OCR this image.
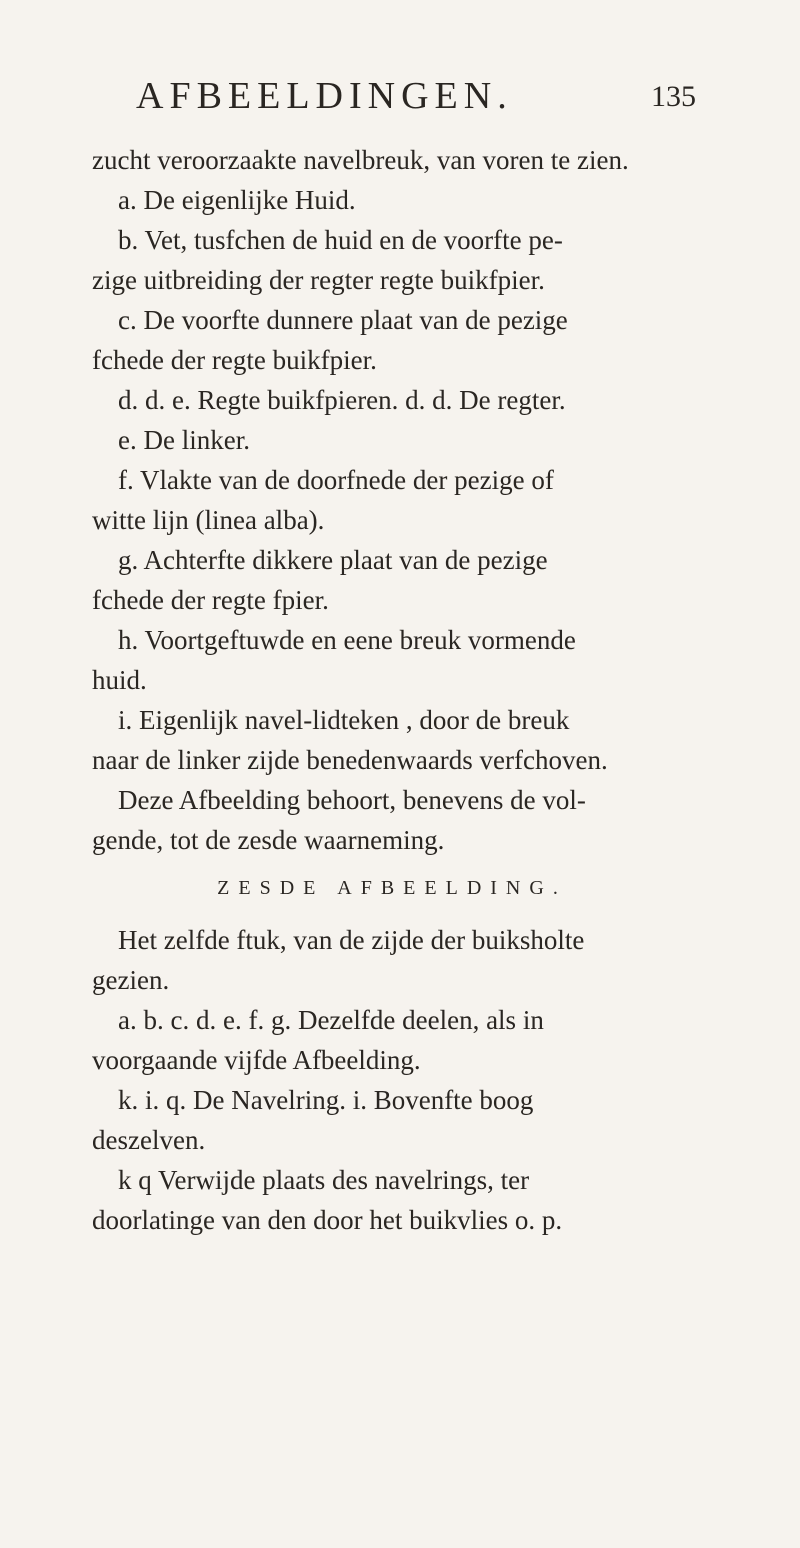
AFBEELDINGEN.	135
zucht veroorzaakte navelbreuk, van voren te zien.
a. De eigenlijke Huid.
b. Vet, tusfchen de huid en de voorfte pe-
zige uitbreiding der regter regte buikfpier.
c. De voorfte dunnere plaat van de pezige
fchede der regte buikfpier.
d. d. e. Regte buikfpieren. d. d. De regter.
e. De linker.
f. Vlakte van de doorfnede der pezige of
witte lijn (linea alba).
g. Achterfte dikkere plaat van de pezige
fchede der regte fpier.
h. Voortgeftuwde en eene breuk vormende
huid.
i. Eigenlijk navel-lidteken , door de breuk
naar de linker zijde benedenwaards verfchoven.
Deze Afbeelding behoort, benevens de vol-
gende, tot de zesde waarneming.
ZESDE AFBEELDING.
Het zelfde ftuk, van de zijde der buiksholte
gezien.
a. b. c. d. e. f. g. Dezelfde deelen, als in
voorgaande vijfde Afbeelding.
k. i. q. De Navelring. i. Bovenfte boog
deszelven.
k q Verwijde plaats des navelrings, ter
doorlatinge van den door het buikvlies o. p.
